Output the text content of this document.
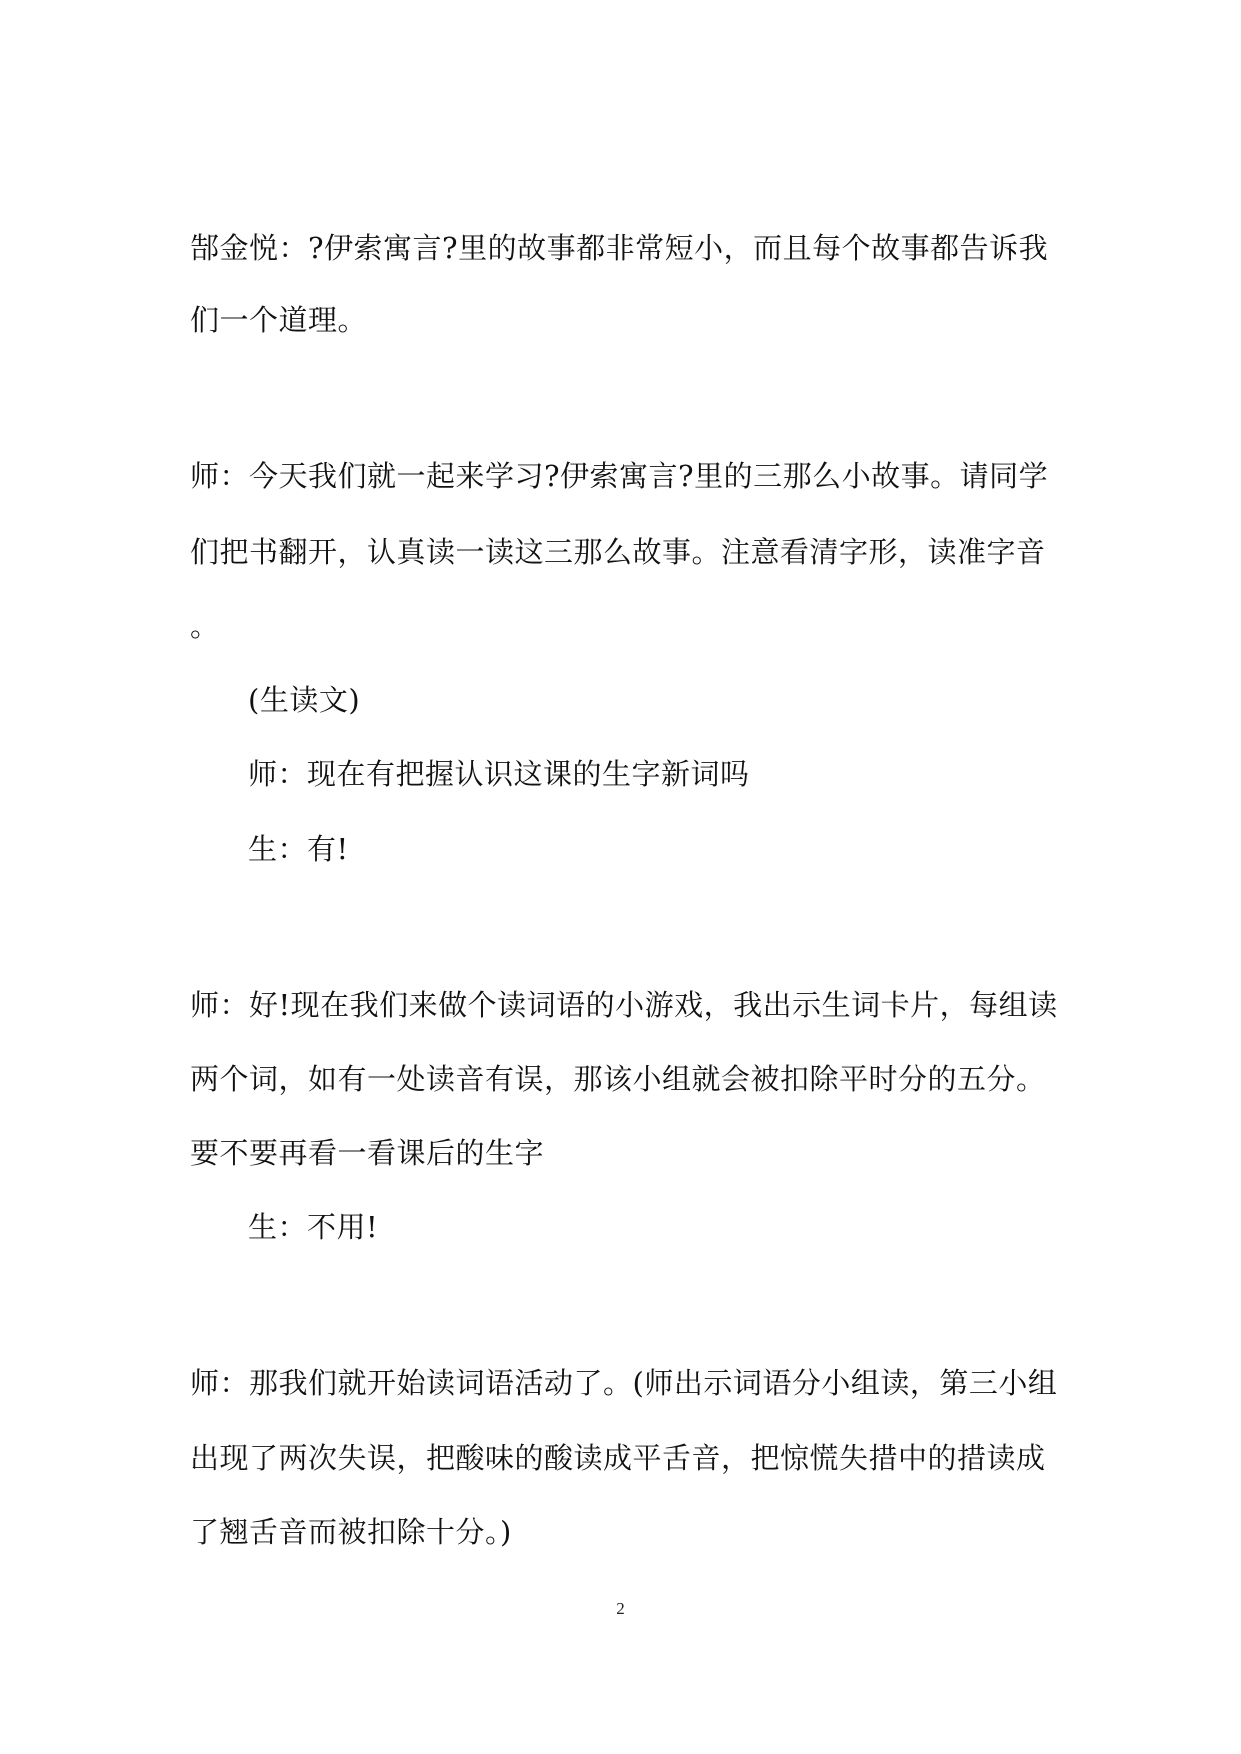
郜金悦：?伊索寓言?里的故事都非常短小，而且每个故事都告诉我
们一个道理。
师：今天我们就一起来学习?伊索寓言?里的三那么小故事。请同学
们把书翻开，认真读一读这三那么故事。注意看清字形，读准字音
。
(生读文)
师：现在有把握认识这课的生字新词吗
生：有!
师：好!现在我们来做个读词语的小游戏，我出示生词卡片，每组读
两个词，如有一处读音有误，那该小组就会被扣除平时分的五分。
要不要再看一看课后的生字
生：不用!
师：那我们就开始读词语活动了。(师出示词语分小组读，第三小组
出现了两次失误，把酸味的酸读成平舌音，把惊慌失措中的措读成
了翘舌音而被扣除十分。)
2
